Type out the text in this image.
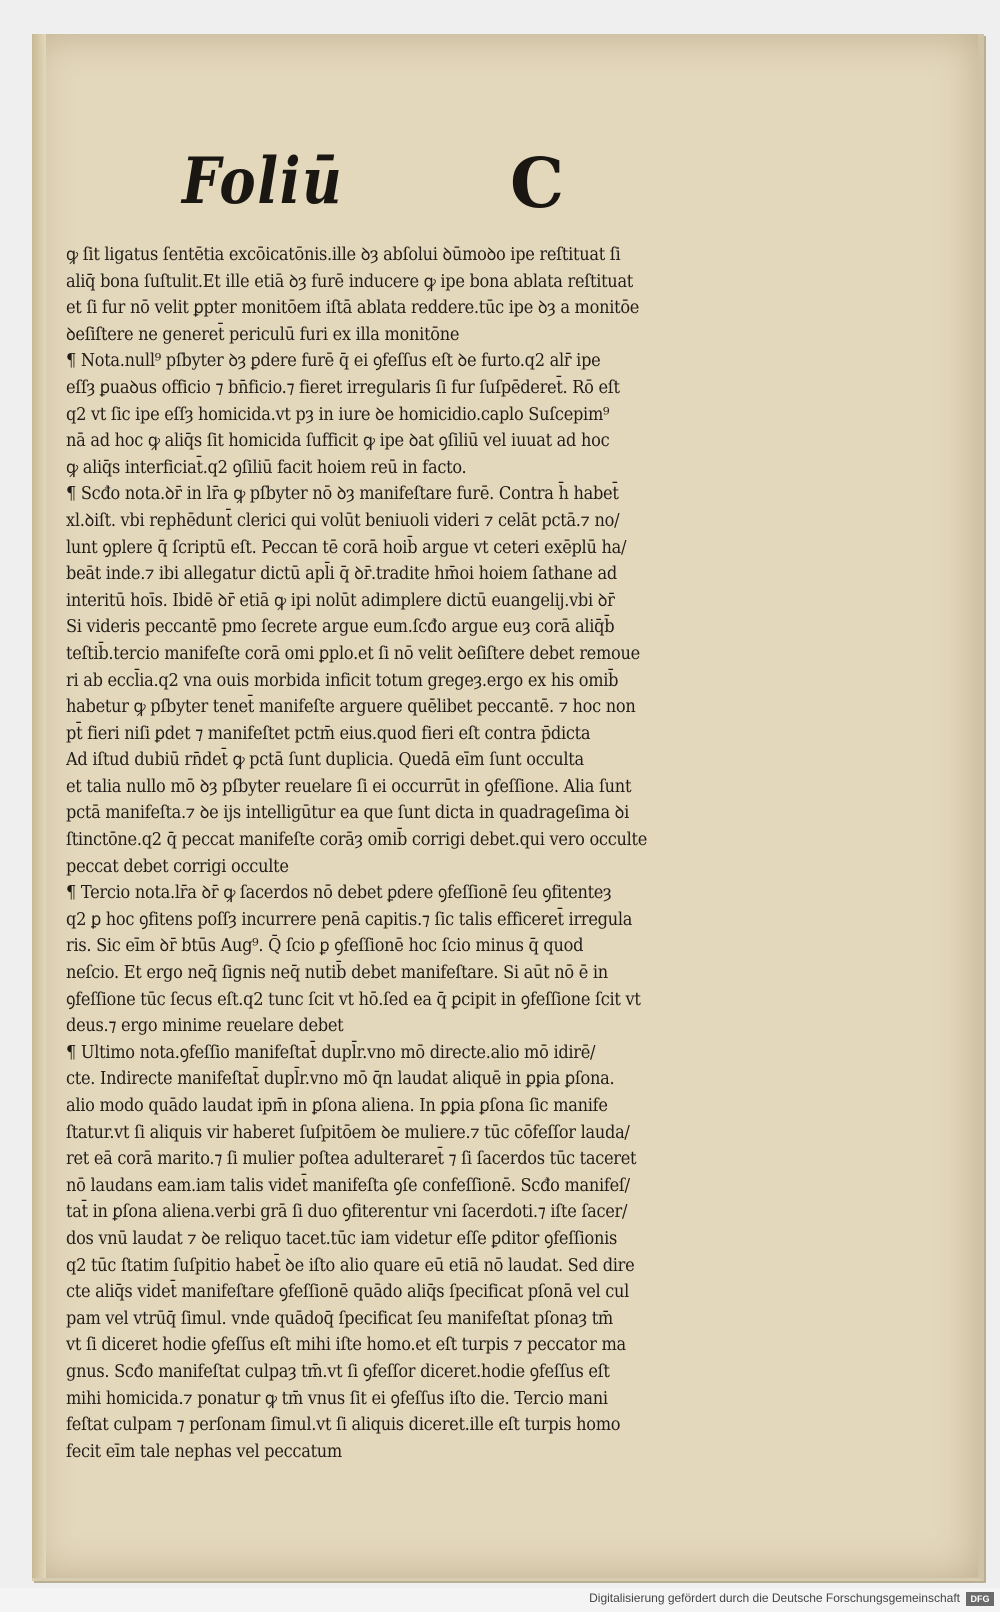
Foliū C
ꝙ ſit ligatus ſentētia excōicatōnis.ille ꝺȝ abſolui ꝺūmoꝺo ipe reſtituat ſi
aliq̄ bona ſuſtulit.Et ille etiā ꝺȝ furē inducere ꝙ ipe bona ablata reſtituat
et ſi fur nō velit ꝑpter monitōem iſtā ablata reddere.tūc ipe ꝺȝ a monitōe
ꝺeſiſtere ne generet̄ periculū furi ex illa monitōne
¶ Nota.null⁹ pſbyter ꝺȝ ꝑdere furē q̄ ei ꝯfeſſus eſt ꝺe furto.q2 alr̄ ipe
eſſȝ ꝑuaꝺus officio ⁊ bn̄ficio.⁊ fieret irregularis ſi fur ſuſpēderet̄. Rō eſt
q2 vt ſic ipe eſſȝ homicida.vt pȝ in iure ꝺe homicidio.caplo Suſcepim⁹
nā ad hoc ꝙ aliq̄s ſit homicida ſufficit ꝙ ipe ꝺat ꝯſiliū vel iuuat ad hoc
ꝙ aliq̄s interficiat̄.q2 ꝯſiliū facit hoiem reū in facto.
¶ Scđo nota.ꝺr̄ in lr̄a ꝙ pſbyter nō ꝺȝ manifeſtare furē. Contra h̄ habet̄
xl.ꝺiſt. vbi rephēdunt̄ clerici qui volūt beniuoli videri ⁊ celāt pctā.⁊ no/
lunt ꝯplere q̄ ſcriptū eſt. Peccan tē corā hoib̄ argue vt ceteri exēplū ha/
beāt inde.⁊ ibi allegatur dictū apl̄i q̄ ꝺr̄.tradite hm̄oi hoiem ſathane ad
interitū hoīs. Ibidē ꝺr̄ etiā ꝙ ipi nolūt adimplere dictū euangelij.vbi ꝺr̄
Si videris peccantē pmo ſecrete argue eum.ſcđo argue euȝ corā aliq̄b̄
teſtib̄.tercio manifeſte corā omi ꝑplo.et ſi nō velit ꝺeſiſtere debet remoue
ri ab eccl̄ia.q2 vna ouis morbida inficit totum gregeȝ.ergo ex his omib̄
habetur ꝙ pſbyter tenet̄ manifeſte arguere quēlibet peccantē. ⁊ hoc non
pt̄ fieri niſi ꝑdet ⁊ manifeſtet pctm̄ eius.quod fieri eſt contra p̄dicta
Ad iſtud dubiū rn̄det̄ ꝙ pctā ſunt duplicia. Quedā eīm ſunt occulta
et talia nullo mō ꝺȝ pſbyter reuelare ſi ei occurrūt in ꝯfeſſione. Alia ſunt
pctā manifeſta.⁊ ꝺe ijs intelligūtur ea que ſunt dicta in quadrageſima ꝺi
ſtinctōne.q2 q̄ peccat manifeſte corāȝ omib̄ corrigi debet.qui vero occulte
peccat debet corrigi occulte
¶ Tercio nota.lr̄a ꝺr̄ ꝙ ſacerdos nō debet ꝑdere ꝯfeſſionē ſeu ꝯfitenteȝ
q2 ꝑ hoc ꝯfitens poſſȝ incurrere penā capitis.⁊ ſic talis efficeret̄ irregula
ris. Sic eīm ꝺr̄ btūs Aug⁹. Q̄ ſcio ꝑ ꝯfeſſionē hoc ſcio minus q̄ quod
neſcio. Et ergo neq̄ ſignis neq̄ nutib̄ debet manifeſtare. Si aūt nō ē in
ꝯfeſſione tūc ſecus eſt.q2 tunc ſcit vt hō.ſed ea q̄ ꝑcipit in ꝯfeſſione ſcit vt
deus.⁊ ergo minime reuelare debet
¶ Ultimo nota.ꝯfeſſio manifeſtat̄ dupl̄r.vno mō directe.alio mō idirē/
cte. Indirecte manifeſtat̄ dupl̄r.vno mō q̄n laudat aliquē in ꝑꝑia ꝑſona.
alio modo quādo laudat ipm̄ in ꝑſona aliena. In ꝑꝑia ꝑſona ſic manife
ſtatur.vt ſi aliquis vir haberet ſuſpitōem ꝺe muliere.⁊ tūc cōfeſſor lauda/
ret eā corā marito.⁊ ſi mulier poſtea adulteraret̄ ⁊ ſi ſacerdos tūc taceret
nō laudans eam.iam talis videt̄ manifeſta ꝯſe confeſſionē. Scđo manifeſ/
tat̄ in ꝑſona aliena.verbi grā ſi duo ꝯfiterentur vni ſacerdoti.⁊ iſte ſacer/
dos vnū laudat ⁊ ꝺe reliquo tacet.tūc iam videtur eſſe ꝑditor ꝯfeſſionis
q2 tūc ſtatim ſuſpitio habet̄ ꝺe iſto alio quare eū etiā nō laudat. Sed dire
cte aliq̄s videt̄ manifeſtare ꝯfeſſionē quādo aliq̄s ſpecificat pſonā vel cul
pam vel vtrūq̄ ſimul. vnde quādoq̄ ſpecificat ſeu manifeſtat pſonaȝ tm̄
vt ſi diceret hodie ꝯfeſſus eſt mihi iſte homo.et eſt turpis ⁊ peccator ma
gnus. Scđo manifeſtat culpaȝ tm̄.vt ſi ꝯfeſſor diceret.hodie ꝯfeſſus eſt
mihi homicida.⁊ ponatur ꝙ tm̄ vnus ſit ei ꝯfeſſus iſto die. Tercio mani
feſtat culpam ⁊ perſonam ſimul.vt ſi aliquis diceret.ille eſt turpis homo
fecit eīm tale nephas vel peccatum
Digitalisierung gefördert durch die Deutsche Forschungsgemeinschaft	DFG
